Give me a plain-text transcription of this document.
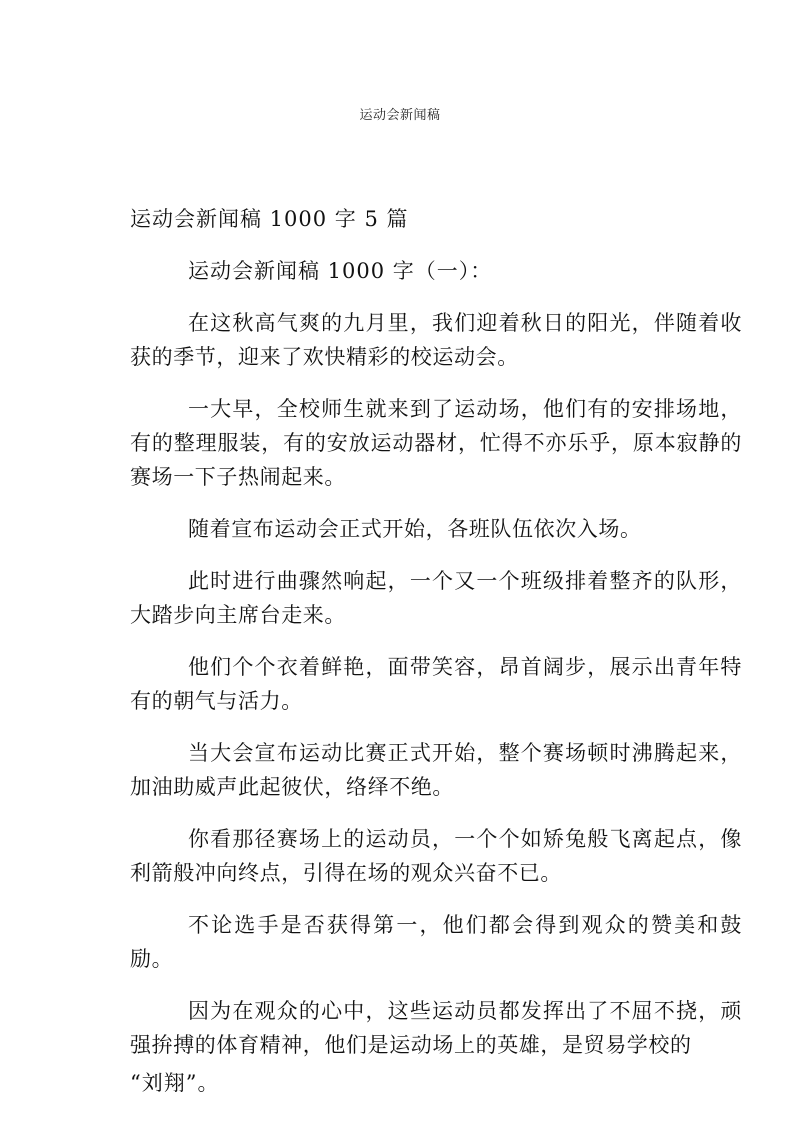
运动会新闻稿
运动会新闻稿 1000 字 5 篇
运动会新闻稿 1000 字（一）：

在这秋高气爽的九月里，我们迎着秋日的阳光，伴随着收获的季节，迎来了欢快精彩的校运动会。

一大早，全校师生就来到了运动场，他们有的安排场地，有的整理服装，有的安放运动器材，忙得不亦乐乎，原本寂静的赛场一下子热闹起来。

随着宣布运动会正式开始，各班队伍依次入场。

此时进行曲骤然响起，一个又一个班级排着整齐的队形，大踏步向主席台走来。

他们个个衣着鲜艳，面带笑容，昂首阔步，展示出青年特有的朝气与活力。

当大会宣布运动比赛正式开始，整个赛场顿时沸腾起来，加油助威声此起彼伏，络绎不绝。

你看那径赛场上的运动员，一个个如矫兔般飞离起点，像利箭般冲向终点，引得在场的观众兴奋不已。

不论选手是否获得第一，他们都会得到观众的赞美和鼓励。

因为在观众的心中，这些运动员都发挥出了不屈不挠，顽强拚搏的体育精神，他们是运动场上的英雄，是贸易学校的

“刘翔”。
